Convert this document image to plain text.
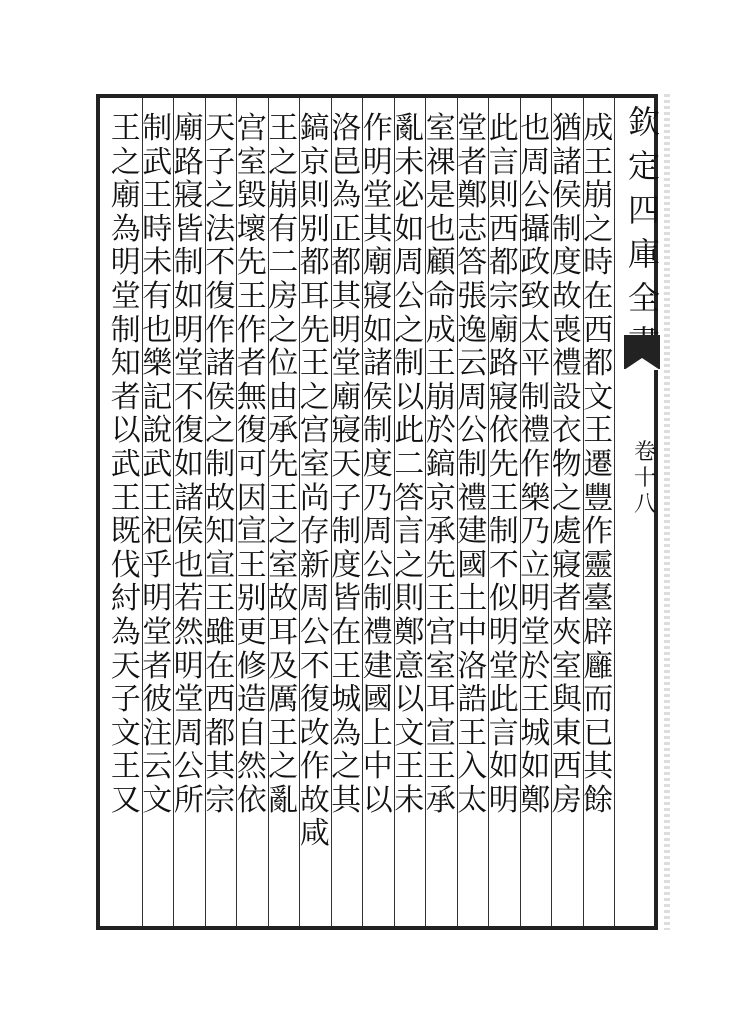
欽
定
四
庫
全
卷
十
八
成
王
崩
之
時
在
西
都
文
王
遷
豐
作
靈
臺
辟
廱
而
已
其
餘
猶
諸
侯
制
度
故
喪
禮
設
衣
物
之
處
寢
者
夾
室
與
東
西
房
也
周
公
攝
政
致
太
平
制
禮
作
樂
乃
立
明
堂
於
王
城
如
鄭
此
言
則
西
都
宗
廟
路
寢
依
先
王
制
不
似
明
堂
此
言
如
明
堂
者
鄭
志
答
張
逸
云
周
公
制
禮
建
國
土
中
洛
誥
王
入
太
室
祼
是
也
顧
命
成
王
崩
於
鎬
京
承
先
王
宫
室
耳
宣
王
承
亂
未
必
如
周
公
之
制
以
此
二
答
言
之
則
鄭
意
以
文
王
未
作
明
堂
其
廟
寢
如
諸
侯
制
度
乃
周
公
制
禮
建
國
上
中
以
洛
邑
為
正
都
其
明
堂
廟
寢
天
子
制
度
皆
在
王
城
為
之
其
鎬
京
則
别
都
耳
先
王
之
宫
室
尚
存
新
周
公
不
復
改
作
故
咸
王
之
崩
有
二
房
之
位
由
承
先
王
之
室
故
耳
及
厲
王
之
亂
宫
室
毀
壞
先
王
作
者
無
復
可
因
宣
王
别
更
修
造
自
然
依
天
子
之
法
不
復
作
諸
侯
之
制
故
知
宣
王
雖
在
西
都
其
宗
廟
路
寢
皆
制
如
明
堂
不
復
如
諸
侯
也
若
然
明
堂
周
公
所
制
武
王
時
未
有
也
樂
記
說
武
王
祀
乎
明
堂
者
彼
注
云
文
王
之
廟
為
明
堂
制
知
者
以
武
王
既
伐
紂
為
天
子
文
王
又
